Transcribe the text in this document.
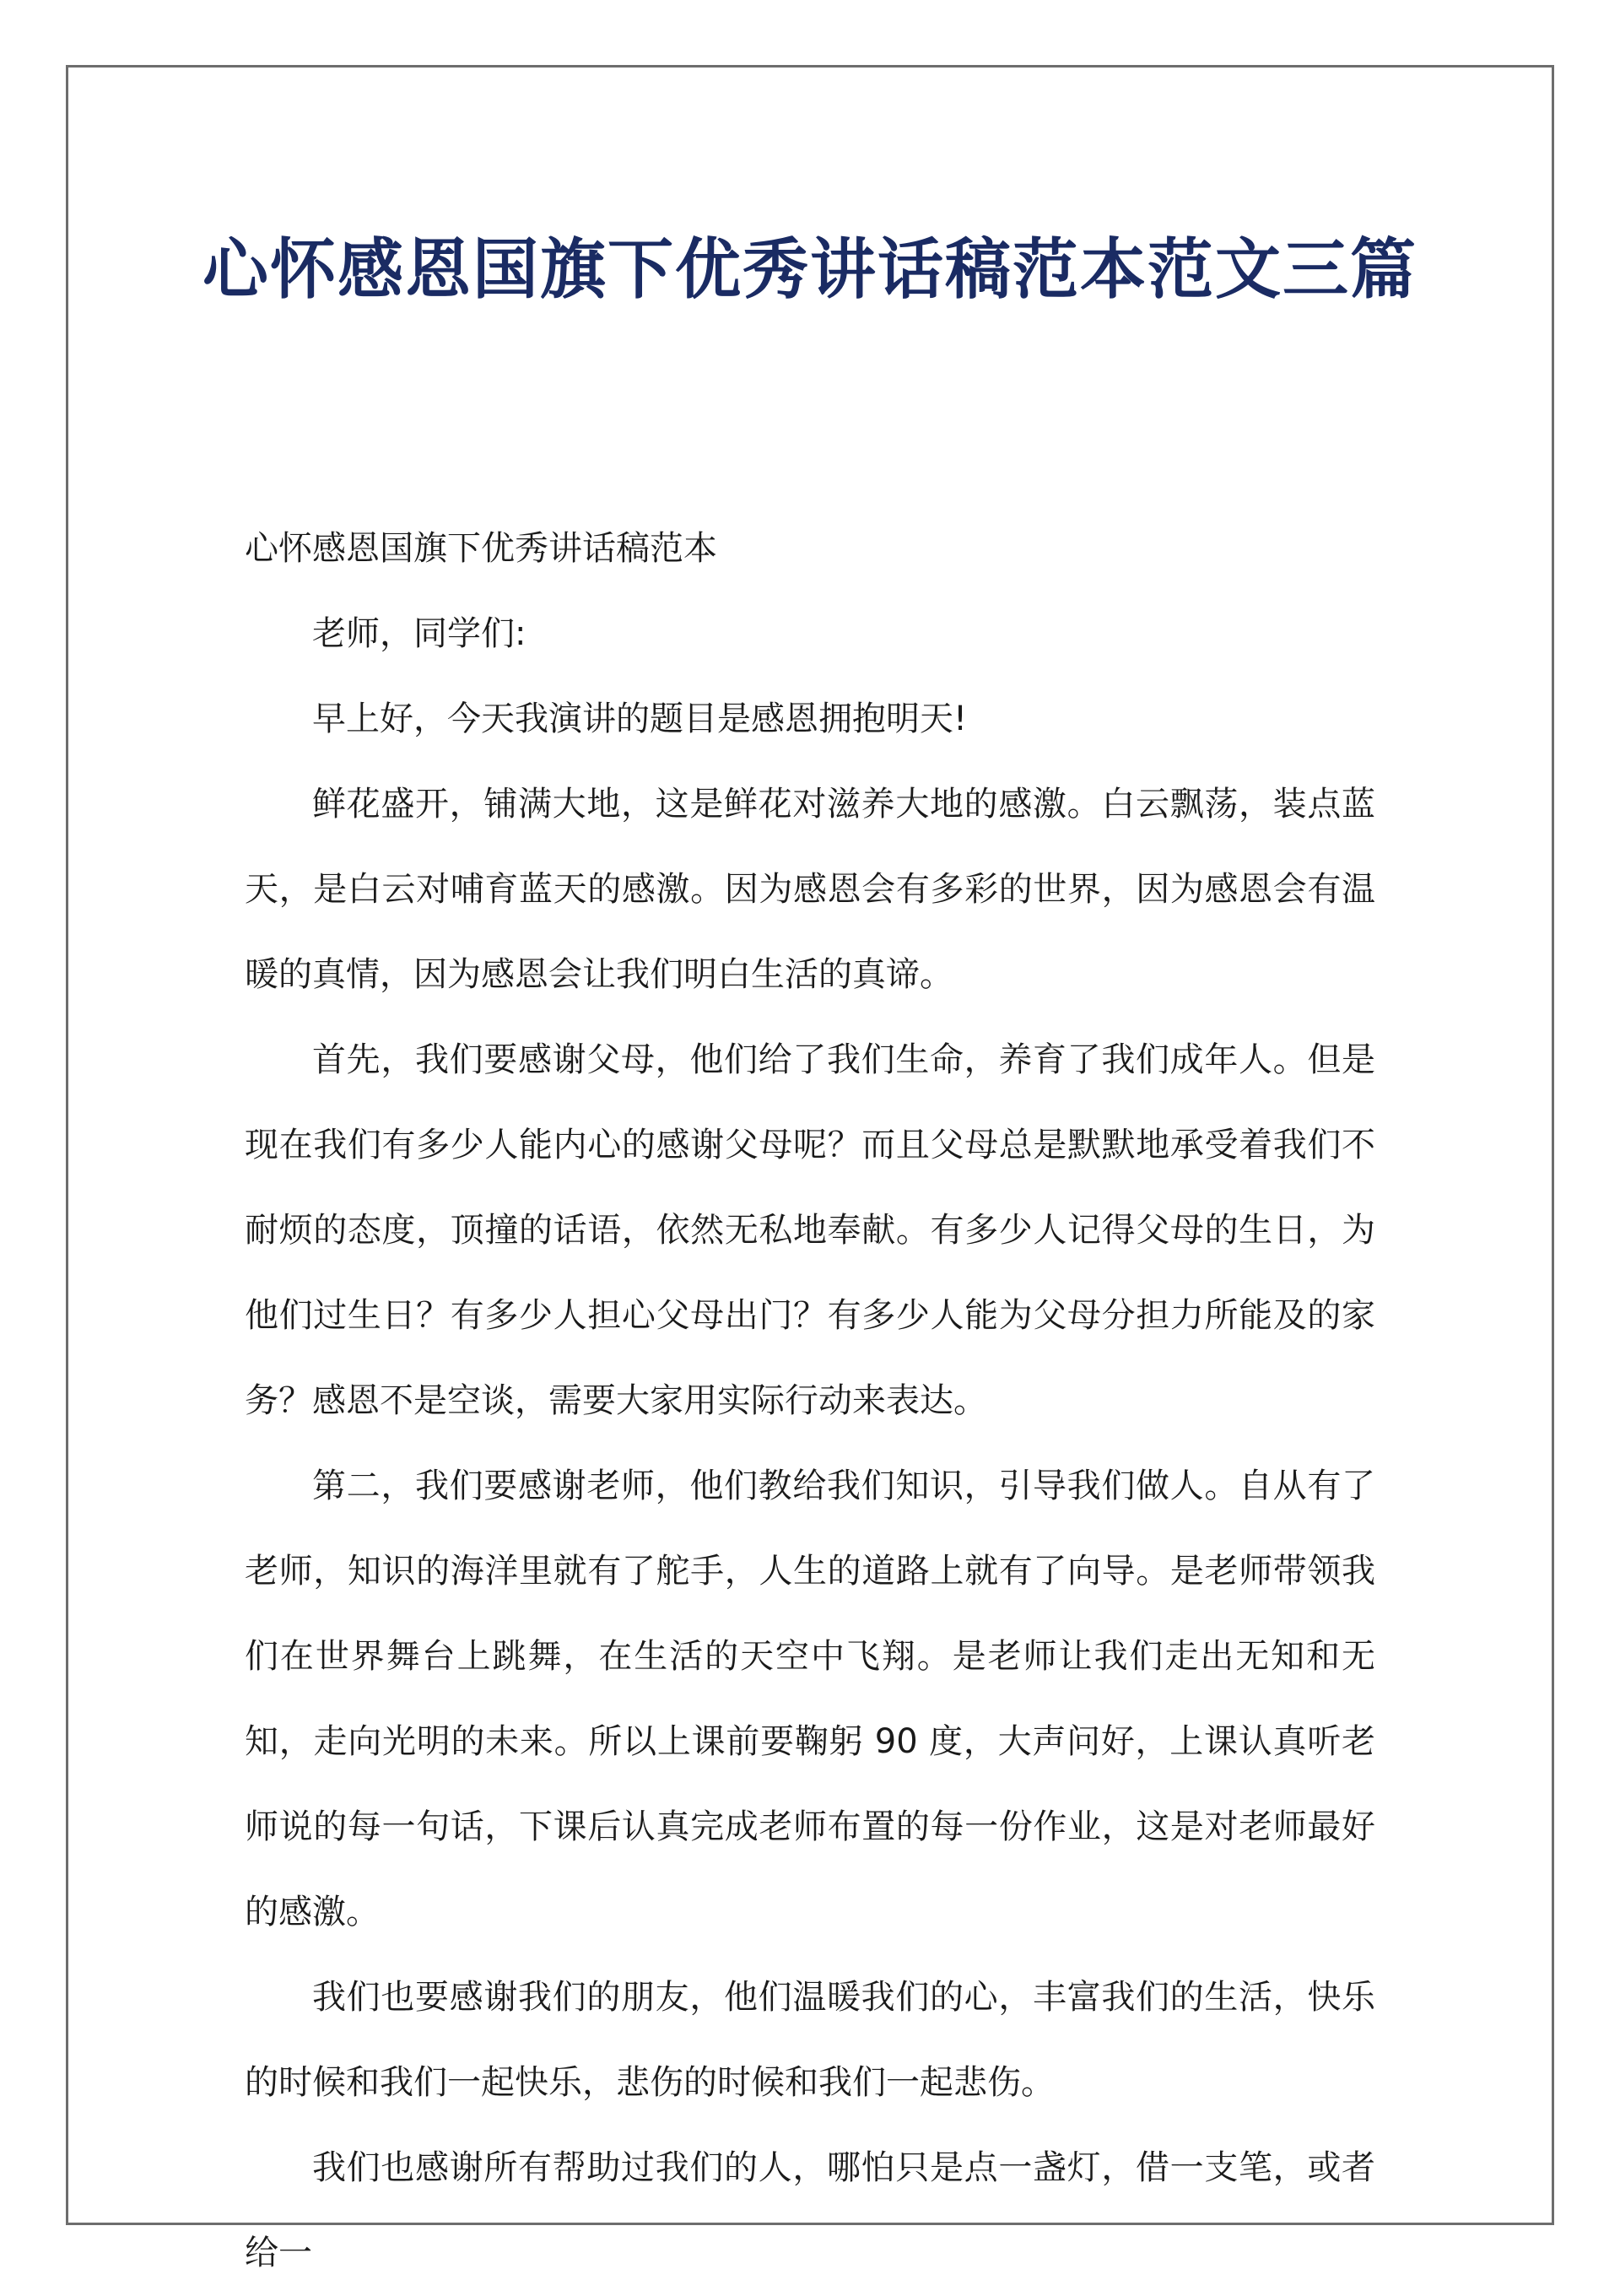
心怀感恩国旗下优秀讲话稿范本范文三篇

心怀感恩国旗下优秀讲话稿范本

老师，同学们:

早上好，今天我演讲的题目是感恩拥抱明天!

鲜花盛开，铺满大地，这是鲜花对滋养大地的感激。白云飘荡，装点蓝天，是白云对哺育蓝天的感激。因为感恩会有多彩的世界，因为感恩会有温暖的真情，因为感恩会让我们明白生活的真谛。

首先，我们要感谢父母，他们给了我们生命，养育了我们成年人。但是现在我们有多少人能内心的感谢父母呢？而且父母总是默默地承受着我们不耐烦的态度，顶撞的话语，依然无私地奉献。有多少人记得父母的生日，为他们过生日？有多少人担心父母出门？有多少人能为父母分担力所能及的家务？感恩不是空谈，需要大家用实际行动来表达。

第二，我们要感谢老师，他们教给我们知识，引导我们做人。自从有了老师，知识的海洋里就有了舵手，人生的道路上就有了向导。是老师带领我们在世界舞台上跳舞，在生活的天空中飞翔。是老师让我们走出无知和无知，走向光明的未来。所以上课前要鞠躬 90 度，大声问好，上课认真听老师说的每一句话，下课后认真完成老师布置的每一份作业，这是对老师最好的感激。

我们也要感谢我们的朋友，他们温暖我们的心，丰富我们的生活，快乐的时候和我们一起快乐，悲伤的时候和我们一起悲伤。

我们也感谢所有帮助过我们的人，哪怕只是点一盏灯，借一支笔，或者给一
